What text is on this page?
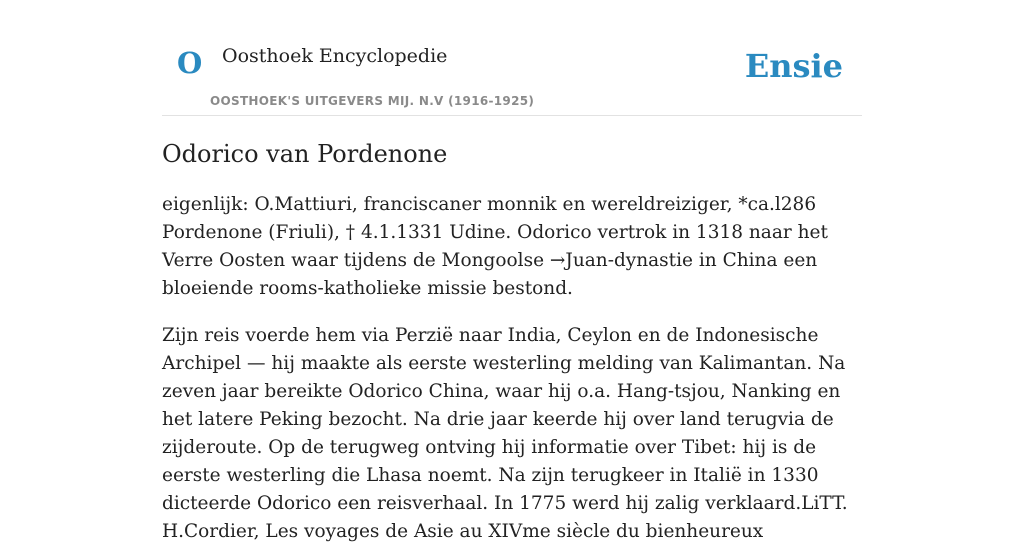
O Oosthoek Encyclopedie
OOSTHOEK'S UITGEVERS MIJ. N.V (1916-1925)
Ensie
Odorico van Pordenone

eigenlijk: O.Mattiuri, franciscaner monnik en wereldreiziger, *ca.l286 Pordenone (Friuli), † 4.1.1331 Udine. Odorico vertrok in 1318 naar het Verre Oosten waar tijdens de Mongoolse →Juan-dynastie in China een bloeiende rooms-katholieke missie bestond.

Zijn reis voerde hem via Perzië naar India, Ceylon en de Indonesische Archipel — hij maakte als eerste westerling melding van Kalimantan. Na zeven jaar bereikte Odorico China, waar hij o.a. Hang-tsjou, Nanking en het latere Peking bezocht. Na drie jaar keerde hij over land terugvia de zijderoute. Op de terugweg ontving hij informatie over Tibet: hij is de eerste westerling die Lhasa noemt. Na zijn terugkeer in Italië in 1330 dicteerde Odorico een reisverhaal. In 1775 werd hij zalig verklaard.LiTT. H.Cordier, Les voyages de Asie au XIVme siècle du bienheureux
